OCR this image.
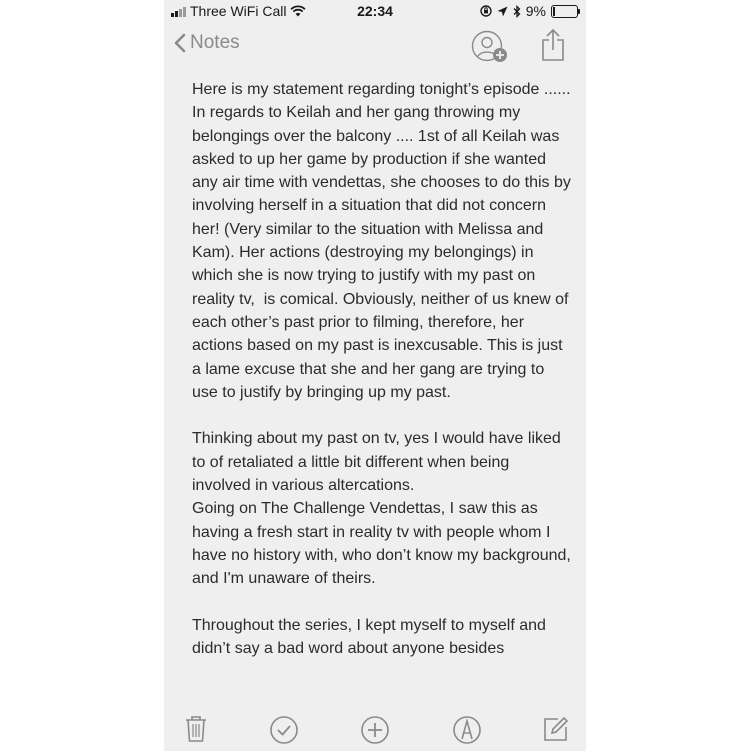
Three WiFi Call	22:34	9%
Notes
Here is my statement regarding tonight’s episode ......
In regards to Keilah and her gang throwing my belongings over the balcony .... 1st of all Keilah was asked to up her game by production if she wanted any air time with vendettas, she chooses to do this by involving herself in a situation that did not concern her! (Very similar to the situation with Melissa and Kam). Her actions (destroying my belongings) in which she is now trying to justify with my past on reality tv,  is comical. Obviously, neither of us knew of each other’s past prior to filming, therefore, her actions based on my past is inexcusable. This is just a lame excuse that she and her gang are trying to use to justify by bringing up my past.

Thinking about my past on tv, yes I would have liked to of retaliated a little bit different when being involved in various altercations.
Going on The Challenge Vendettas, I saw this as having a fresh start in reality tv with people whom I have no history with, who don’t know my background, and I'm unaware of theirs.

Throughout the series, I kept myself to myself and didn’t say a bad word about anyone besides
